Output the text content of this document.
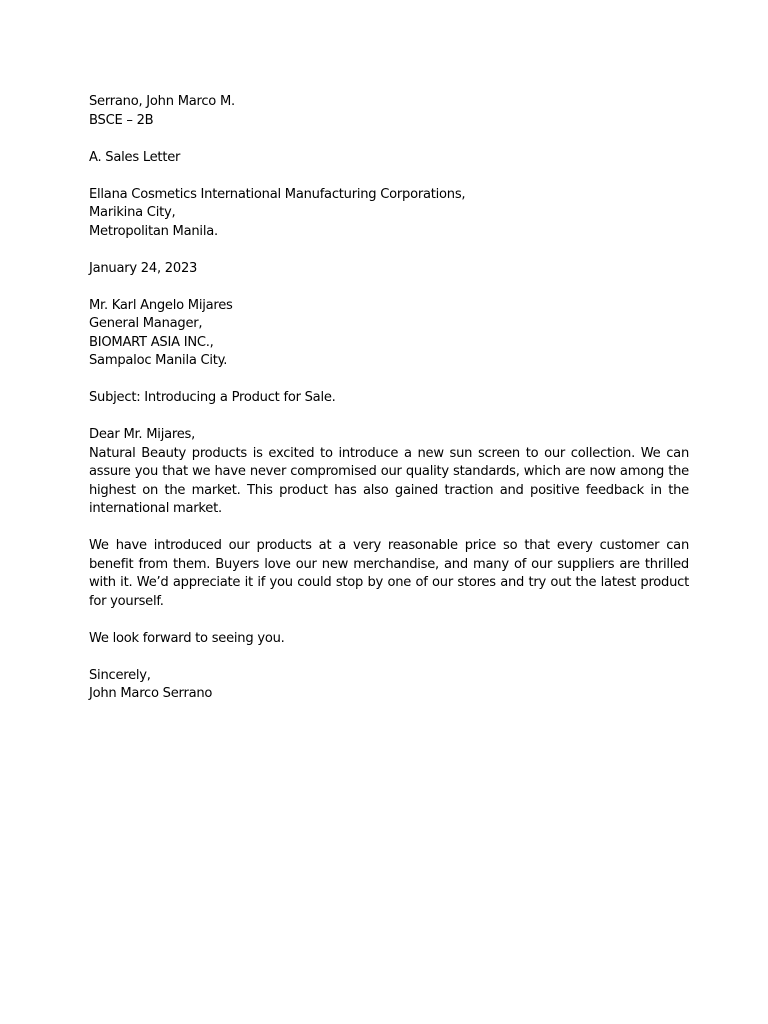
Serrano, John Marco M.
BSCE – 2B
A. Sales Letter
Ellana Cosmetics International Manufacturing Corporations,
Marikina City,
Metropolitan Manila.
January 24, 2023
Mr. Karl Angelo Mijares
General Manager,
BIOMART ASIA INC.,
Sampaloc Manila City.
Subject: Introducing a Product for Sale.
Dear Mr. Mijares,
Natural Beauty products is excited to introduce a new sun screen to our collection. We can assure you that we have never compromised our quality standards, which are now among the highest on the market. This product has also gained traction and positive feedback in the international market.
We have introduced our products at a very reasonable price so that every customer can benefit from them. Buyers love our new merchandise, and many of our suppliers are thrilled with it. We’d appreciate it if you could stop by one of our stores and try out the latest product for yourself.
We look forward to seeing you.
Sincerely,
John Marco Serrano
